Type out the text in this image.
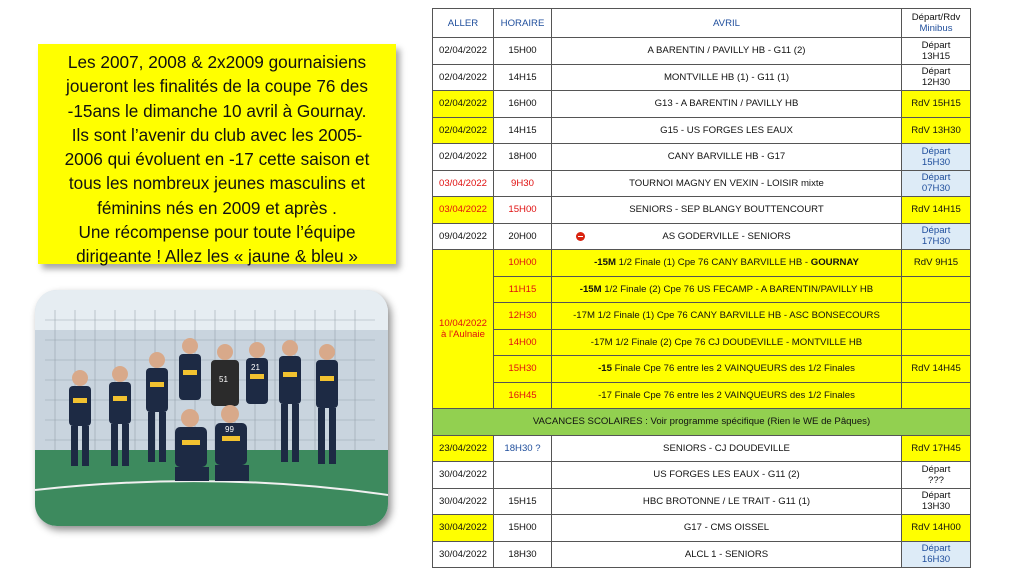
Les 2007, 2008 & 2x2009 gournaisiens
joueront les finalités de la coupe 76 des
-15ans le dimanche 10 avril à Gournay.
Ils sont l’avenir du club avec les 2005-
2006 qui évoluent en -17 cette saison et
tous les nombreux jeunes masculins et
féminins nés en 2009 et après .
Une récompense pour toute l’équipe
dirigeante ! Allez les « jaune & bleu »
51
21
99
ALLER	HORAIRE	AVRIL	Départ/Rdv
Minibus

02/04/2022	15H00	A BARENTIN / PAVILLY HB - G11 (2)	Départ
13H15

02/04/2022	14H15	MONTVILLE HB (1) - G11 (1)	Départ
12H30

02/04/2022	16H00	G13 - A BARENTIN / PAVILLY HB	RdV 15H15
02/04/2022	14H15	G15 - US FORGES LES EAUX	RdV 13H30
02/04/2022	18H00	CANY BARVILLE HB - G17	Départ
15H30

03/04/2022	9H30	TOURNOI MAGNY EN VEXIN - LOISIR mixte	Départ
07H30

03/04/2022	15H00	SENIORS - SEP BLANGY BOUTTENCOURT	RdV 14H15
09/04/2022	20H00	AS GODERVILLE - SENIORS	Départ
17H30

10/04/2022
à l'Aulnaie	10H00	-15M 1/2 Finale (1) Cpe 76 CANY BARVILLE HB - GOURNAY	RdV 9H15
	11H15	-15M 1/2 Finale (2) Cpe 76 US FECAMP - A BARENTIN/PAVILLY HB	
	12H30	-17M 1/2 Finale (1) Cpe 76 CANY BARVILLE HB - ASC BONSECOURS	
	14H00	-17M 1/2 Finale (2) Cpe 76 CJ DOUDEVILLE - MONTVILLE HB	
	15H30	-15 Finale Cpe 76 entre les 2 VAINQUEURS des 1/2 Finales	RdV 14H45
	16H45	-17 Finale Cpe 76 entre les 2 VAINQUEURS des 1/2 Finales	
VACANCES SCOLAIRES : Voir programme spécifique (Rien le WE de Pâques)			
23/04/2022	18H30 ?	SENIORS - CJ DOUDEVILLE	RdV 17H45
30/04/2022		US FORGES LES EAUX - G11 (2)	Départ
???

30/04/2022	15H15	HBC BROTONNE / LE TRAIT - G11 (1)	Départ
13H30

30/04/2022	15H00	G17 - CMS OISSEL	RdV 14H00
30/04/2022	18H30	ALCL 1 - SENIORS	Départ
16H30
